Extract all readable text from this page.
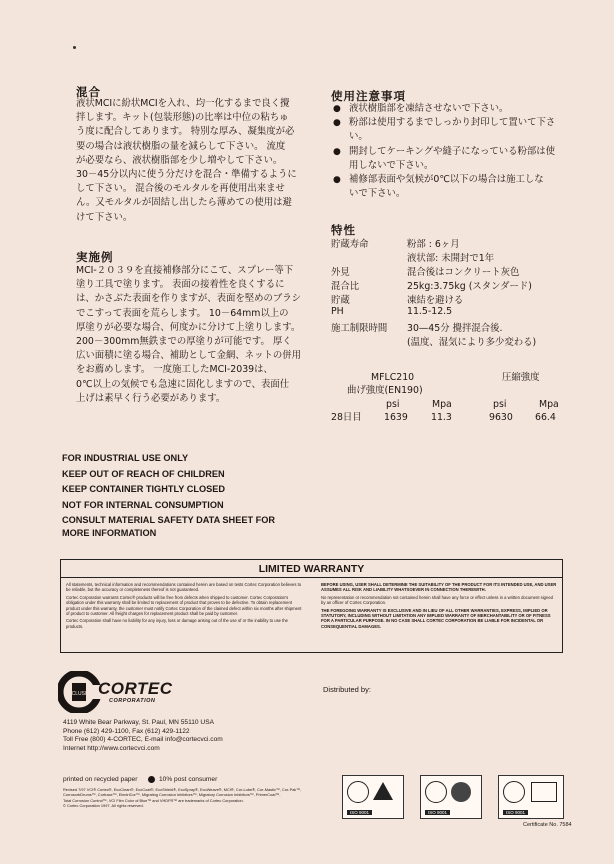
混合
液状MCIに紛状MCIを入れ、均一化するまで良く攪
拌します。キット(包装形態)の比率は中位の粘ちゅ
う度に配合してあります。 特別な厚み、凝集度が必
要の場合は液状樹脂の量を減らして下さい。 流度
が必要なら、液状樹脂部を少し増やして下さい。
30－45分以内に使う分だけを混合・準備するように
して下さい。 混合後のモルタルを再使用出来ませ
ん。又モルタルが固結し出したら薄めての使用は避
けて下さい。
実施例
MCI-２０３９を直接補修部分にこて、スプレー等下
塗り工具で塗ります。 表面の接着性を良くするに
は、かさぶた表面を作りますが、表面を堅めのブラシ
でこすって表面を荒らします。 10－64mm以上の
厚塗りが必要な場合、何度かに分けて上塗りします。
200－300mm無鉄までの厚塗りが可能です。 厚く
広い面積に塗る場合、補助として金網、ネットの併用
をお薦めします。 一度施工したMCI-2039は、
0℃以上の気候でも急速に固化しますので、表面仕
上げは素早く行う必要があります。
使用注意事項
● 液状樹脂部を凍結させないで下さい。
● 粉部は使用するまでしっかり封印して置いて下さ
い。
● 開封してケーキングや縫子になっている粉部は使
用しないで下さい。
● 補修部表面や気候が0℃以下の場合は施工しな
いで下さい。
特性
貯蔵寿命	粉部 : 6ヶ月
	液状部: 未開封で1年
外見	混合後はコンクリート灰色
混合比	25kg:3.75kg (スタンダード)
貯蔵	凍結を避ける
PH	11.5-12.5
施工制限時間	30—45分 攪拌混合後.
	(温度、湿気により多少変わる)
MFLC210
曲げ強度(EN190)
圧縮強度
psi	Mpa	psi	Mpa
28日目 1639 11.3	9630 66.4
FOR INDUSTRIAL USE ONLY
KEEP OUT OF REACH OF CHILDREN
KEEP CONTAINER TIGHTLY CLOSED
NOT FOR INTERNAL CONSUMPTION
CONSULT MATERIAL SAFETY DATA SHEET FOR
MORE INFORMATION
LIMITED WARRANTY
All statements, technical information and recommendations contained herein are based on tests Cortec Corporation believes to be reliable, but the accuracy or completeness thereof is not guaranteed.
Cortec Corporation warrants Cortec® products will be free from defects when shipped to customer. Cortec Corporation's obligation under this warranty shall be limited to replacement of product that proves to be defective. To obtain replacement product under this warranty, the customer must notify Cortec Corporation of the claimed defect within six months after shipment of product to customer. All freight charges for replacement product shall be paid by customer.
Cortec Corporation shall have no liability for any injury, loss or damage arising out of the use of or the inability to use the products.
BEFORE USING, USER SHALL DETERMINE THE SUITABILITY OF THE PRODUCT FOR ITS INTENDED USE, AND USER ASSUMES ALL RISK AND LIABILITY WHATSOEVER IN CONNECTION THEREWITH.
No representation or recommendation not contained herein shall have any force or effect unless in a written document signed by an officer of Cortec Corporation.
THE FOREGOING WARRANTY IS EXCLUSIVE AND IN LIEU OF ALL OTHER WARRANTIES, EXPRESS, IMPLIED OR STATUTORY, INCLUDING WITHOUT LIMITATION ANY IMPLIED WARRANTY OF MERCHANTABILITY OR OF FITNESS FOR A PARTICULAR PURPOSE. IN NO CASE SHALL CORTEC CORPORATION BE LIABLE FOR INCIDENTAL OR CONSEQUENTIAL DAMAGES.
EXCLUSIVE CORTEC
CORPORATION
Distributed by:
4119 White Bear Parkway, St. Paul, MN 55110 USA
Phone (612) 429-1100, Fax (612) 429-1122
Toll Free (800) 4-CORTEC, E-mail info@cortecvci.com
Internet http://www.cortecvci.com
printed on recycled paper	10% post consumer
Revised 7/97 VCI® Cortec®, EcoClean®, EcoCoat®, EcoShield®, EcoSpray®, EcoWeave®, MCI®, Cor-Lube®, Cor-Mastic™, Cor-Pak™,
CorrosorbDrums™, Cortrace™, ElectriCor™, Migrating Corrosion Inhibitors™, Migratory Corrosion Inhibitors™, PrimerCoat™,
Total Corrosion Control™, VCI Film Color of Blue™ and VHDFR™ are trademarks of Cortec Corporation.
© Cortec Corporation 1997. All rights reserved.
ISO 9001	ISO 9001	ISO 9001
Certificate No. 7584
